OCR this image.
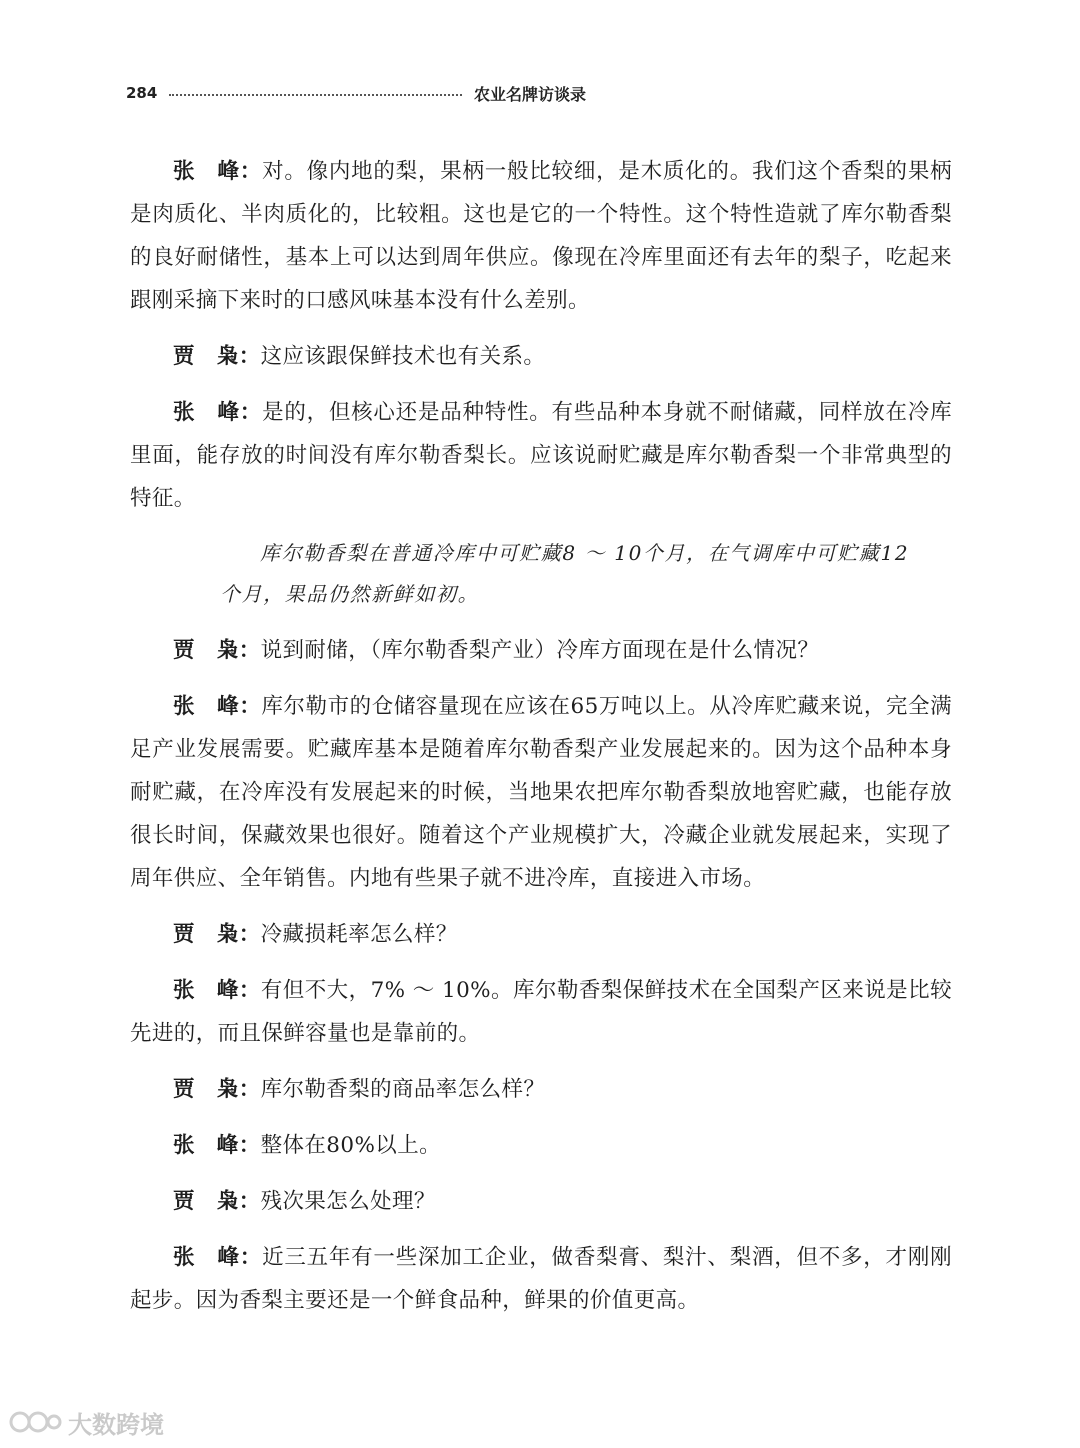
284	农业名牌访谈录

张　峰：对。像内地的梨，果柄一般比较细，是木质化的。我们这个香梨的果柄是肉质化、半肉质化的，比较粗。这也是它的一个特性。这个特性造就了库尔勒香梨的良好耐储性，基本上可以达到周年供应。像现在冷库里面还有去年的梨子，吃起来跟刚采摘下来时的口感风味基本没有什么差别。

贾　枭：这应该跟保鲜技术也有关系。

张　峰：是的，但核心还是品种特性。有些品种本身就不耐储藏，同样放在冷库里面，能存放的时间没有库尔勒香梨长。应该说耐贮藏是库尔勒香梨一个非常典型的特征。

库尔勒香梨在普通冷库中可贮藏8 ～ 10个月，在气调库中可贮藏12个月，果品仍然新鲜如初。

贾　枭：说到耐储，（库尔勒香梨产业）冷库方面现在是什么情况？

张　峰：库尔勒市的仓储容量现在应该在65万吨以上。从冷库贮藏来说，完全满足产业发展需要。贮藏库基本是随着库尔勒香梨产业发展起来的。因为这个品种本身耐贮藏，在冷库没有发展起来的时候，当地果农把库尔勒香梨放地窖贮藏，也能存放很长时间，保藏效果也很好。随着这个产业规模扩大，冷藏企业就发展起来，实现了周年供应、全年销售。内地有些果子就不进冷库，直接进入市场。

贾　枭：冷藏损耗率怎么样？

张　峰：有但不大，7% ～ 10%。库尔勒香梨保鲜技术在全国梨产区来说是比较先进的，而且保鲜容量也是靠前的。

贾　枭：库尔勒香梨的商品率怎么样？

张　峰：整体在80%以上。

贾　枭：残次果怎么处理？

张　峰：近三五年有一些深加工企业，做香梨膏、梨汁、梨酒，但不多，才刚刚起步。因为香梨主要还是一个鲜食品种，鲜果的价值更高。

大数跨境
